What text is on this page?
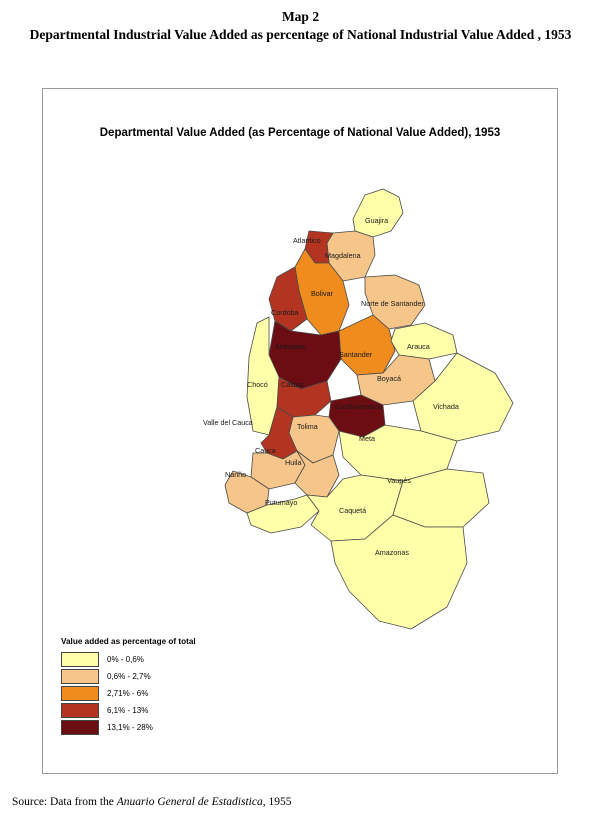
Map 2
Departmental Industrial Value Added as percentage of National Industrial Value Added , 1953
Departmental Value Added (as Percentage of National Value Added), 1953
Guajira
Atlantico
Magdalena
Bolivar
Cordoba
Norte de Santander
Antioquia
Santander
Arauca
Boyacá
Chocó Caldas
Cundinamarca	Vichada
Valle del Cauca	Tolima
Meta
Cauca
Huila
Nariño
Vaupés
Putumayo
Caquetá
Amazonas
Value added as percentage of total
0% - 0,6%
0,6% - 2,7%
2,71% - 6%
6,1% - 13%
13,1% - 28%
Source: Data from the Anuario General de Estadistica, 1955
